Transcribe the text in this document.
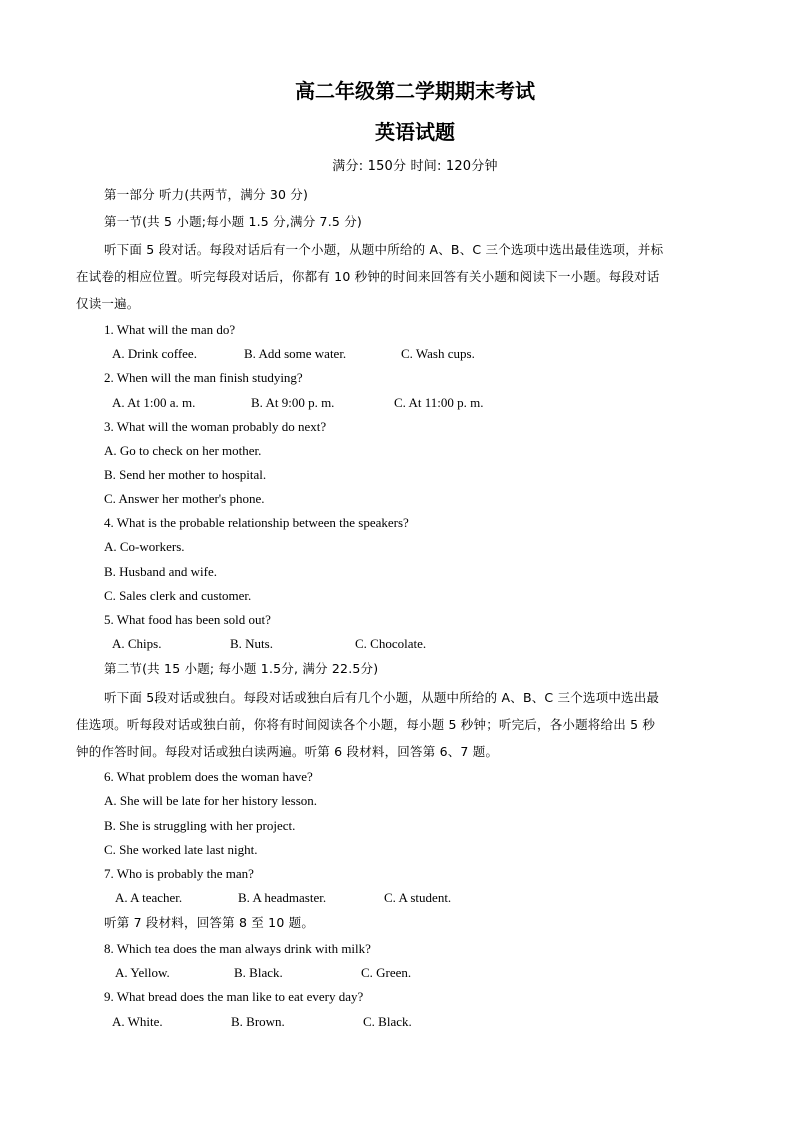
高二年级第二学期期末考试
英语试题
满分: 150分 时间: 120分钟
第一部分 听力(共两节，满分 30 分)
第一节(共 5 小题;每小题 1.5 分,满分 7.5 分)
听下面 5 段对话。每段对话后有一个小题，从题中所给的 A、B、C 三个选项中选出最佳选项，并标
在试卷的相应位置。听完每段对话后，你都有 10 秒钟的时间来回答有关小题和阅读下一小题。每段对话
仅读一遍。
1. What will the man do?
A. Drink coffee.	B. Add some water.	C. Wash cups.
2. When will the man finish studying?
A. At 1:00 a. m.	B. At 9:00 p. m.	C. At 11:00 p. m.
3. What will the woman probably do next?
A. Go to check on her mother.
B. Send her mother to hospital.
C. Answer her mother's phone.
4. What is the probable relationship between the speakers?
A. Co-workers.
B. Husband and wife.
C. Sales clerk and customer.
5. What food has been sold out?
A. Chips.	B. Nuts.	C. Chocolate.
第二节(共 15 小题; 每小题 1.5分, 满分 22.5分)
听下面 5段对话或独白。每段对话或独白后有几个小题，从题中所给的 A、B、C 三个选项中选出最
佳选项。听每段对话或独白前，你将有时间阅读各个小题，每小题 5 秒钟；听完后，各小题将给出 5 秒
钟的作答时间。每段对话或独白读两遍。听第 6 段材料，回答第 6、7 题。
6. What problem does the woman have?
A. She will be late for her history lesson.
B. She is struggling with her project.
C. She worked late last night.
7. Who is probably the man?
A. A teacher.	B. A headmaster.	C. A student.
听第 7 段材料，回答第 8 至 10 题。
8. Which tea does the man always drink with milk?
A. Yellow.	B. Black.	C. Green.
9. What bread does the man like to eat every day?
A. White.	B. Brown.	C. Black.
